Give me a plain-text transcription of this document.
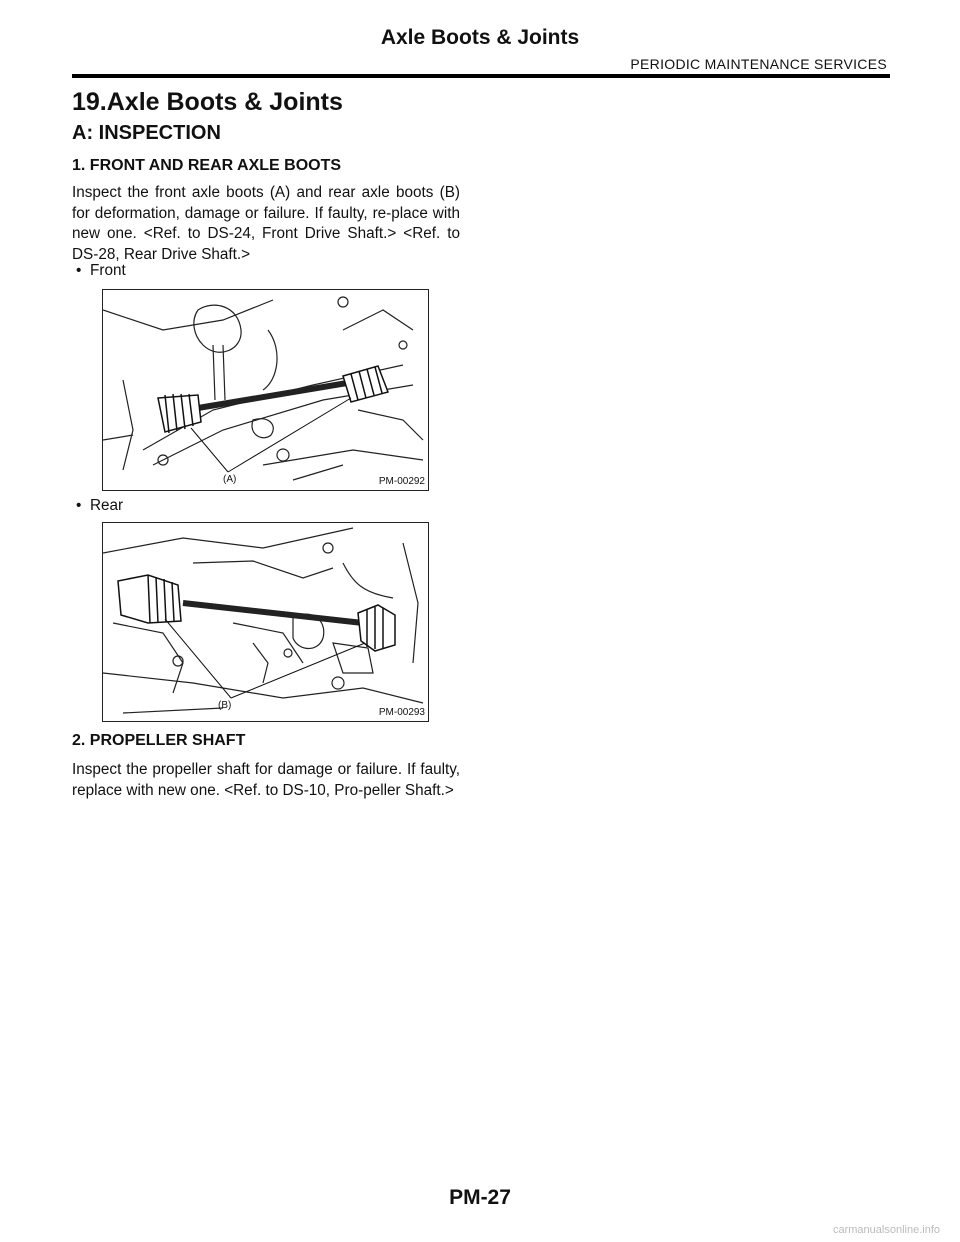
Axle Boots & Joints
PERIODIC MAINTENANCE SERVICES
19.Axle Boots & Joints
A: INSPECTION
1. FRONT AND REAR AXLE BOOTS
Inspect the front axle boots (A) and rear axle boots (B) for deformation, damage or failure. If faulty, re-place with new one. <Ref. to DS-24, Front Drive Shaft.> <Ref. to DS-28, Rear Drive Shaft.>
• Front
(A)	PM-00292
• Rear
(B)
PM-00293
2. PROPELLER SHAFT
Inspect the propeller shaft for damage or failure. If faulty, replace with new one. <Ref. to DS-10, Pro-peller Shaft.>
PM-27
carmanualsonline.info
